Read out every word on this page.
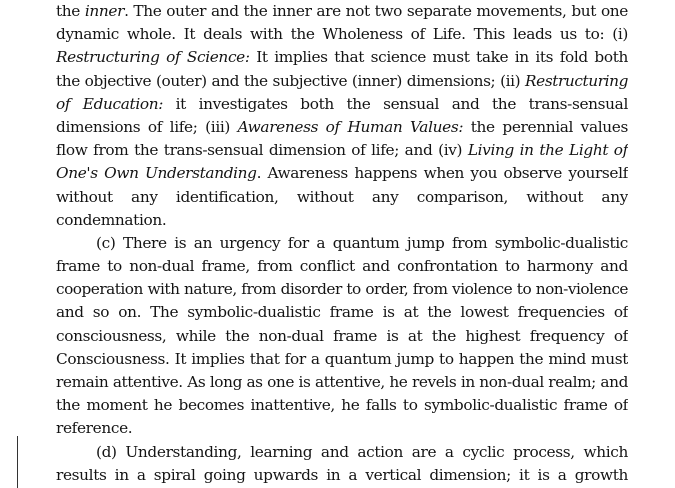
the inner. The outer and the inner are not two separate movements, but one
dynamic whole. It deals with the Wholeness of Life. This leads us to: (i)
Restructuring of Science: It implies that science must take in its fold both
the objective (outer) and the subjective (inner) dimensions; (ii) Restructuring
of Education: it investigates both the sensual and the trans-sensual
dimensions of life; (iii) Awareness of Human Values: the perennial values
flow from the trans-sensual dimension of life; and (iv) Living in the Light of
One's Own Understanding. Awareness happens when you observe yourself
without any identification, without any comparison, without any
condemnation.
(c) There is an urgency for a quantum jump from symbolic-dualistic
frame to non-dual frame, from conflict and confrontation to harmony and
cooperation with nature, from disorder to order, from violence to non-violence
and so on. The symbolic-dualistic frame is at the lowest frequencies of
consciousness, while the non-dual frame is at the highest frequency of
Consciousness. It implies that for a quantum jump to happen the mind must
remain attentive. As long as one is attentive, he revels in non-dual realm; and
the moment he becomes inattentive, he falls to symbolic-dualistic frame of
reference.
(d) Understanding, learning and action are a cyclic process, which
results in a spiral going upwards in a vertical dimension; it is a growth
